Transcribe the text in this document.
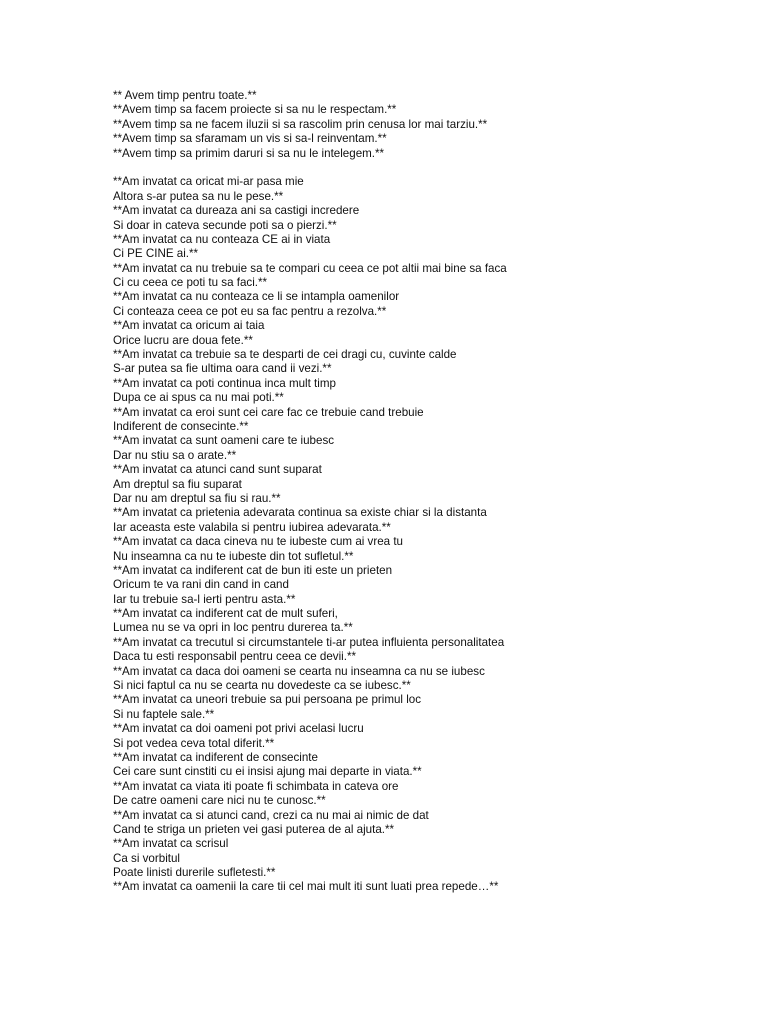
** Avem timp pentru toate.**
**Avem timp sa facem proiecte si sa nu le respectam.**
**Avem timp sa ne facem iluzii si sa rascolim prin cenusa lor mai tarziu.**
**Avem timp sa sfaramam un vis si sa-l reinventam.**
**Avem timp sa primim daruri si sa nu le intelegem.**
**Am invatat ca oricat mi-ar pasa mie
Altora s-ar putea sa nu le pese.**
**Am invatat ca dureaza ani sa castigi incredere
Si doar in cateva secunde poti sa o pierzi.**
**Am invatat ca nu conteaza CE ai in viata
Ci PE CINE ai.**
**Am invatat ca nu trebuie sa te compari cu ceea ce pot altii mai bine sa faca
Ci cu ceea ce poti tu sa faci.**
**Am invatat ca nu conteaza ce li se intampla oamenilor
Ci conteaza ceea ce pot eu sa fac pentru a rezolva.**
**Am invatat ca oricum ai taia
Orice lucru are doua fete.**
**Am invatat ca trebuie sa te desparti de cei dragi cu, cuvinte calde
S-ar putea sa fie ultima oara cand ii vezi.**
**Am invatat ca poti continua inca mult timp
Dupa ce ai spus ca nu mai poti.**
**Am invatat ca eroi sunt cei care fac ce trebuie cand trebuie
Indiferent de consecinte.**
**Am invatat ca sunt oameni care te iubesc
Dar nu stiu sa o arate.**
**Am invatat ca atunci cand sunt suparat
Am dreptul sa fiu suparat
Dar nu am dreptul sa fiu si rau.**
**Am invatat ca prietenia adevarata continua sa existe chiar si la distanta
Iar aceasta este valabila si pentru iubirea adevarata.**
**Am invatat ca daca cineva nu te iubeste cum ai vrea tu
Nu inseamna ca nu te iubeste din tot sufletul.**
**Am invatat ca indiferent cat de bun iti este un prieten
Oricum te va rani din cand in cand
Iar tu trebuie sa-l ierti pentru asta.**
**Am invatat ca indiferent cat de mult suferi,
Lumea nu se va opri in loc pentru durerea ta.**
**Am invatat ca trecutul si circumstantele ti-ar putea influienta personalitatea
Daca tu esti responsabil pentru ceea ce devii.**
**Am invatat ca daca doi oameni se cearta nu inseamna ca nu se iubesc
Si nici faptul ca nu se cearta nu dovedeste ca se iubesc.**
**Am invatat ca uneori trebuie sa pui persoana pe primul loc
Si nu faptele sale.**
**Am invatat ca doi oameni pot privi acelasi lucru
Si pot vedea ceva total diferit.**
**Am invatat ca indiferent de consecinte
Cei care sunt cinstiti cu ei insisi ajung mai departe in viata.**
**Am invatat ca viata iti poate fi schimbata in cateva ore
De catre oameni care nici nu te cunosc.**
**Am invatat ca si atunci cand, crezi ca nu mai ai nimic de dat
Cand te striga un prieten vei gasi puterea de al ajuta.**
**Am invatat ca scrisul
Ca si vorbitul
Poate linisti durerile sufletesti.**
**Am invatat ca oamenii la care tii cel mai mult iti sunt luati prea repede…**
